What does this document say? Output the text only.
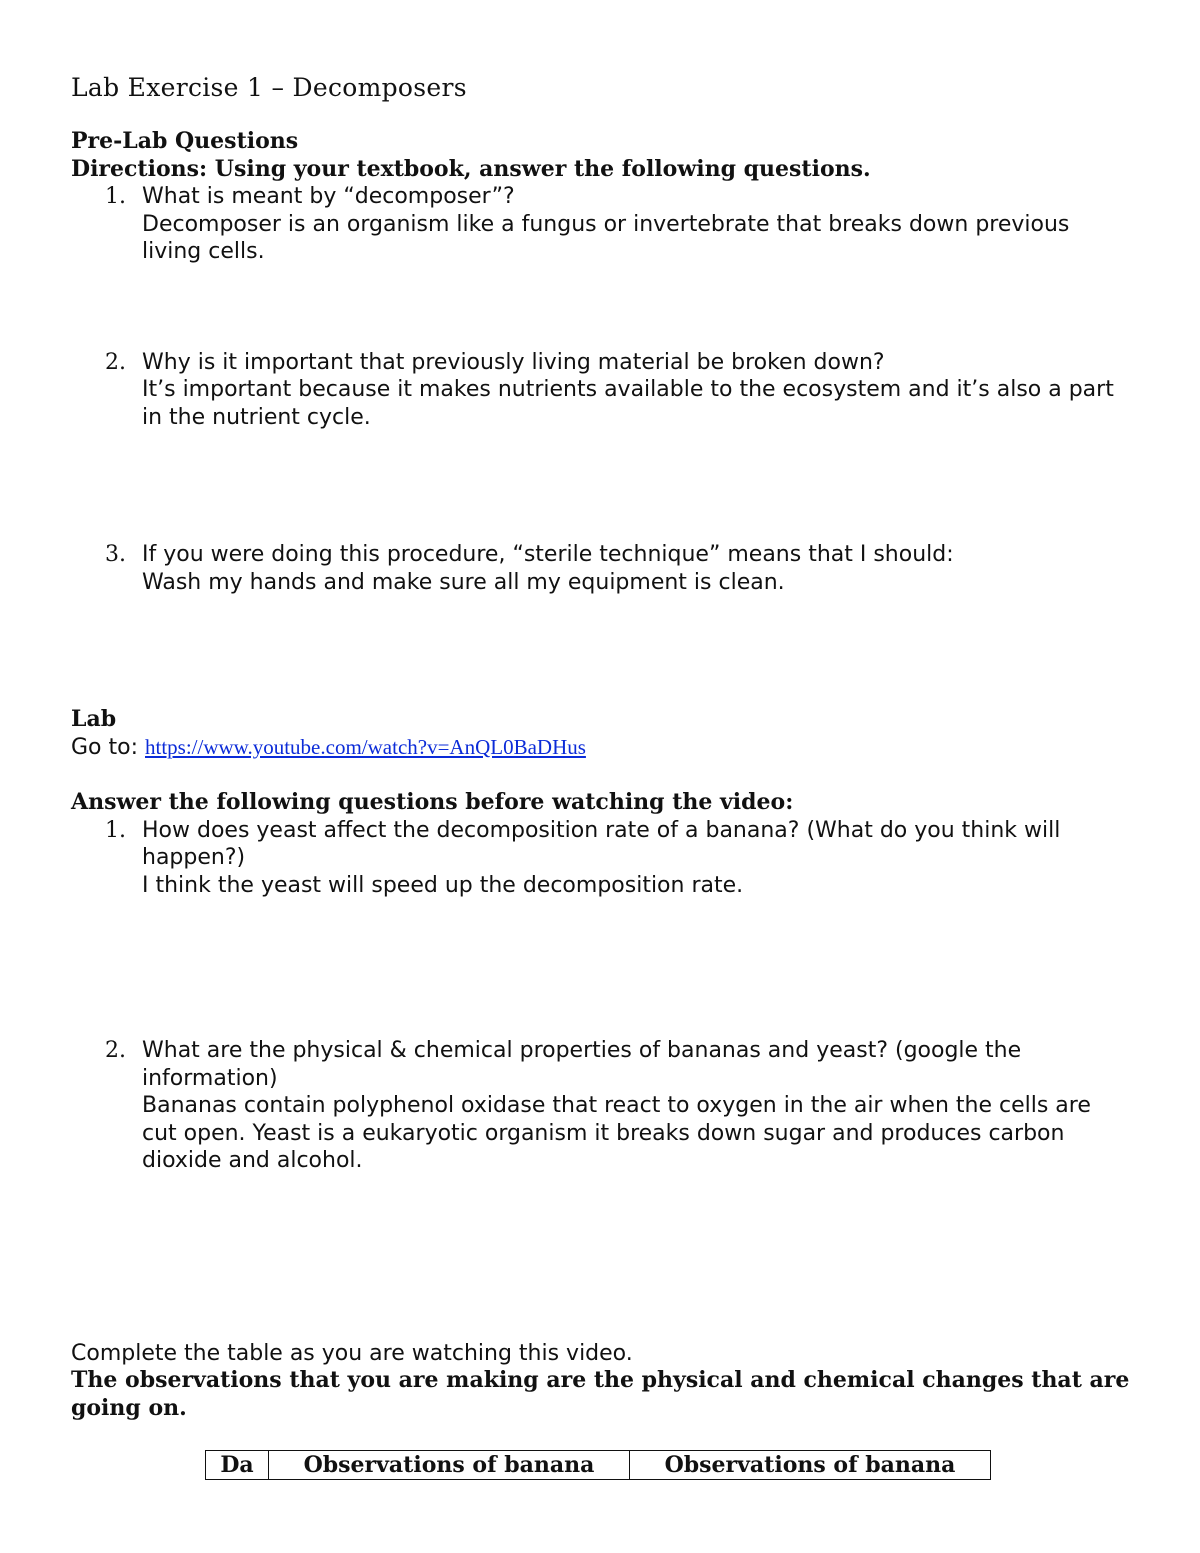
Lab Exercise 1 – Decomposers

Pre-Lab Questions

Directions: Using your textbook, answer the following questions.
1. What is meant by “decomposer”?
Decomposer is an organism like a fungus or invertebrate that breaks down previous living cells.
2. Why is it important that previously living material be broken down?
It’s important because it makes nutrients available to the ecosystem and it’s also a part in the nutrient cycle.
3. If you were doing this procedure, “sterile technique” means that I should:
Wash my hands and make sure all my equipment is clean.

Lab

Go to: https://www.youtube.com/watch?v=AnQL0BaDHus

Answer the following questions before watching the video:

1. How does yeast affect the decomposition rate of a banana? (What do you think will happen?)
I think the yeast will speed up the decomposition rate.
2. What are the physical & chemical properties of bananas and yeast? (google the information)
Bananas contain polyphenol oxidase that react to oxygen in the air when the cells are cut open. Yeast is a eukaryotic organism it breaks down sugar and produces carbon dioxide and alcohol.
Complete the table as you are watching this video.
The observations that you are making are the physical and chemical changes that are going on.
Da	Observations of banana	Observations of banana
